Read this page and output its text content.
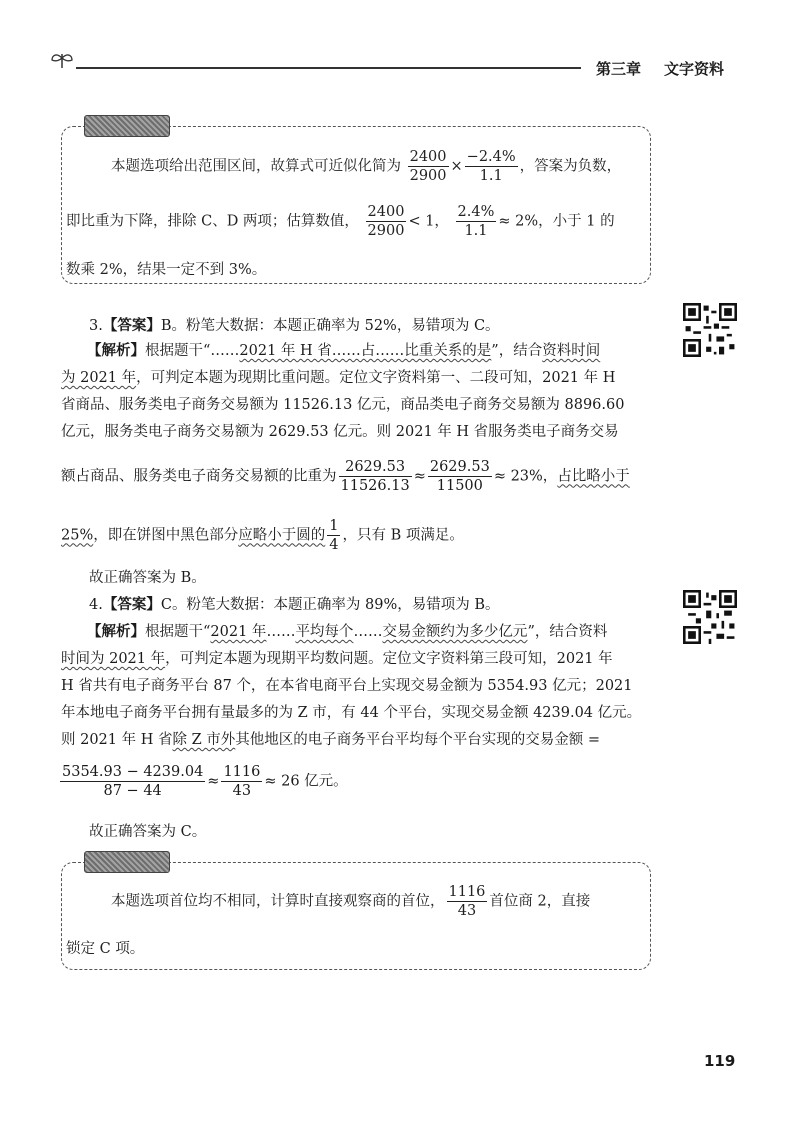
第三章 文字资料
本题选项给出范围区间，故算式可近似化简为 $\frac{2400}{2900} \times \frac{-2.4\%}{1.1}$ ，答案为负数，
即比重为下降，排除 C、D 两项；估算数值， $\frac{2400}{2900} < 1$， $\frac{2.4\%}{1.1} \approx 2\%$，小于 1 的
数乘 2%，结果一定不到 3%。
3.【答案】B。粉笔大数据：本题正确率为 52%，易错项为 C。
【解析】根据题干“……2021 年 H 省……占……比重关系的是”，结合资料时间
为 2021 年，可判定本题为现期比重问题。定位文字资料第一、二段可知，2021 年 H
省商品、服务类电子商务交易额为 11526.13 亿元，商品类电子商务交易额为 8896.60
亿元，服务类电子商务交易额为 2629.53 亿元。则 2021 年 H 省服务类电子商务交易
额占商品、服务类电子商务交易额的比重为 $\frac{2629.53}{11526.13} \approx \frac{2629.53}{11500} \approx 23\%$，占比略小于
25%，即在饼图中黑色部分应略小于圆的 $\frac{1}{4}$ ，只有 B 项满足。
故正确答案为 B。
4.【答案】C。粉笔大数据：本题正确率为 89%，易错项为 B。
【解析】根据题干“2021 年……平均每个……交易金额约为多少亿元”，结合资料
时间为 2021 年，可判定本题为现期平均数问题。定位文字资料第三段可知，2021 年
H 省共有电子商务平台 87 个，在本省电商平台上实现交易金额为 5354.93 亿元；2021
年本地电子商务平台拥有量最多的为 Z 市，有 44 个平台，实现交易金额 4239.04 亿元。
则 2021 年 H 省除 Z 市外其他地区的电子商务平台平均每个平台实现的交易金额 =
$\frac{5354.93 - 4239.04}{87 - 44} \approx \frac{1116}{43} \approx 26$ 亿元。
故正确答案为 C。
本题选项首位均不相同，计算时直接观察商的首位， $\frac{1116}{43}$ 首位商 2，直接
锁定 C 项。
119
